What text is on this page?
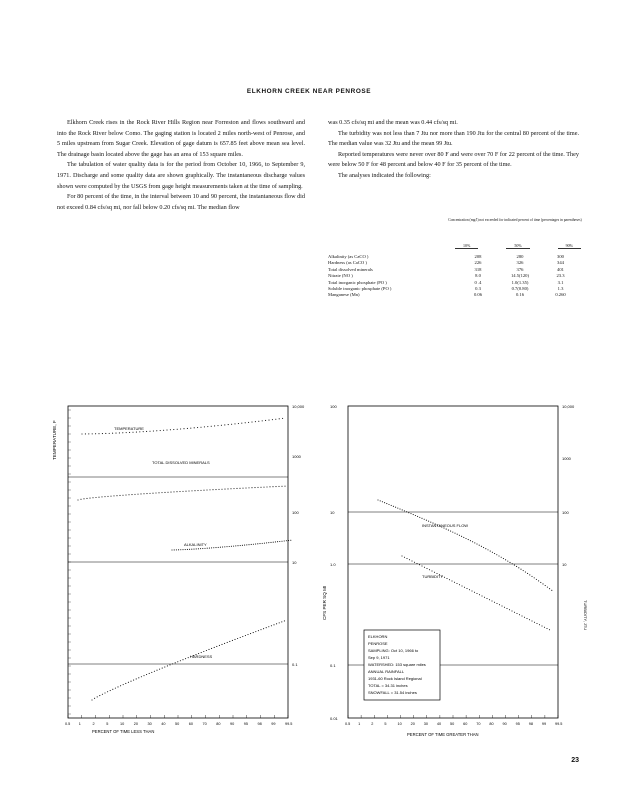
ELKHORN CREEK NEAR PENROSE

Elkhorn Creek rises in the Rock River Hills Region near Forreston and flows southward and into the Rock River below Como. The gaging station is located 2 miles north-west of Penrose, and 5 miles upstream from Sugar Creek. Elevation of gage datum is 657.85 feet above mean sea level. The drainage basin located above the gage has an area of 153 square miles.

The tabulation of water quality data is for the period from October 10, 1966, to September 9, 1971. Discharge and some quality data are shown graphically. The instantaneous discharge values shown were computed by the USGS from gage height measurements taken at the time of sampling.

For 80 percent of the time, in the interval between 10 and 90 percent, the instantaneous flow did not exceed 0.84 cfs/sq mi, nor fall below 0.20 cfs/sq mi. The median flow

was 0.35 cfs/sq mi and the mean was 0.44 cfs/sq mi.

The turbidity was not less than 7 Jtu nor more than 190 Jtu for the central 80 percent of the time. The median value was 32 Jtu and the mean 99 Jtu.

Reported temperatures were never over 80 F and were over 70 F for 22 percent of the time. They were below 50 F for 48 percent and below 40 F for 35 percent of the time.

The analyses indicated the following:

Concentration (mg/l) not exceeded for indicated percent of time (percentages in parentheses)
10%	50%	90%
Alkalinity (as CaCO )	208	280	300
Hardness (as CaCO )	226	326	344
Total dissolved minerals	318	376	401
Nitrate (NO )	8.0	14.5(120)	23.3
Total inorganic phosphate (PO )	0 .4	1.0(1.35)	3.1
Soluble inorganic phosphate (PO )	0.3	0.7(0.80)	1.3
Manganese (Mn)	0.06	0.16	0.260
10,000
1000
100
10
0.1
0.5 1	2	5	10	20	30	40	50	60	70	80	90	95	98	99	99.5
TEMPERATURE, F	TEMPERATURE
TOTAL DISSOLVED MINERALS
ALKALINITY
HARDNESS
PERCENT OF TIME LESS THAN
100
10
1.0
0.1
0.01
10,000
1000
100
10
0.5 1	2	5	10 20 30 40 50 60 70 80 90 95 98 99 99.5
CFS PER SQ MI
INSTANTANEOUS FLOW
TURBIDITY
TURBIDITY, JTU
ELKHORN
PENROSE
SAMPLING: Oct 10, 1966 to
Sep 9, 1971
WATERSHED: 153 square miles
ANNUAL RAINFALL
1931-60 Rock Island Regional
TOTAL = 34.31 inches
SNOWFALL = 31.54 inches
PERCENT OF TIME GREATER THAN
23
